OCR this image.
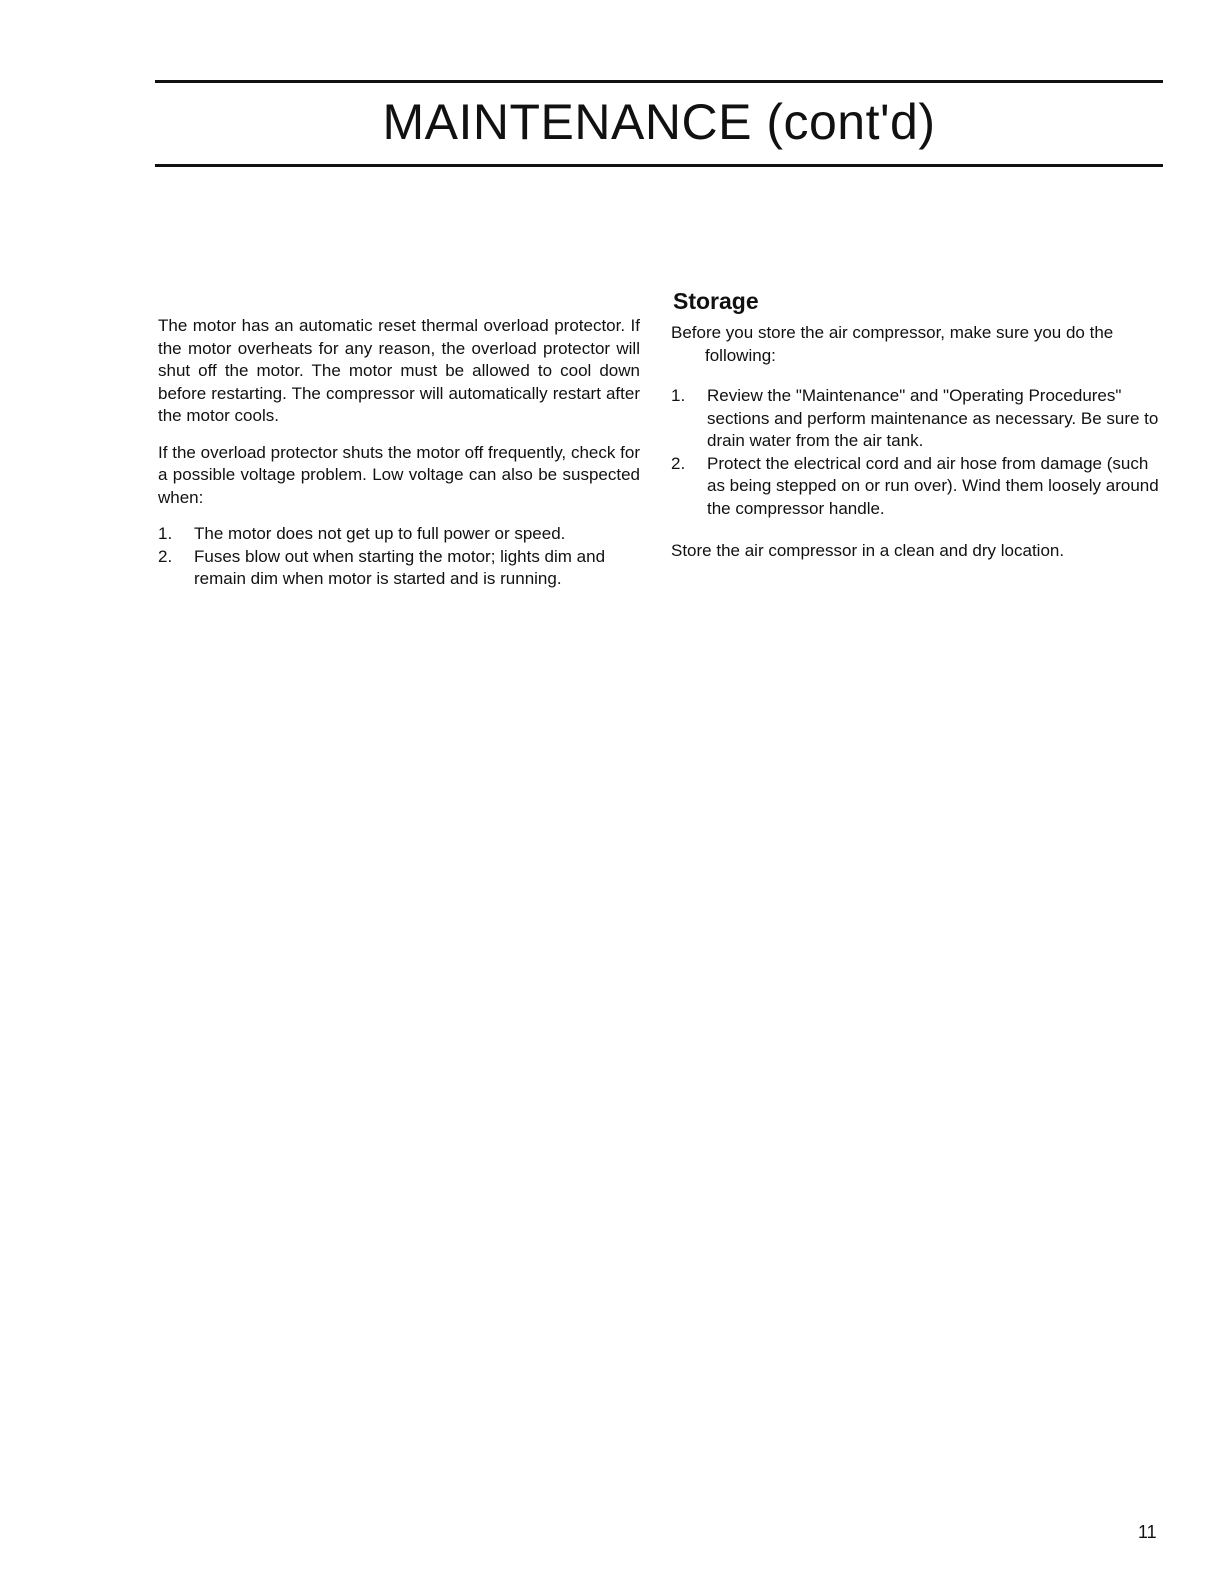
MAINTENANCE (cont'd)

The motor has an automatic reset thermal overload protector. If the motor overheats for any reason, the overload protector will shut off the motor. The motor must be allowed to cool down before restarting. The compressor will automatically restart after the motor cools.

If the overload protector shuts the motor off frequently, check for a possible voltage problem. Low voltage can also be suspected when:

1.	The motor does not get up to full power or speed.
2.	Fuses blow out when starting the motor; lights dim and remain dim when motor is started and is running.
Storage

Before you store the air compressor, make sure you do the following:

1.	Review the "Maintenance" and "Operating Procedures" sections and perform maintenance as necessary. Be sure to drain water from the air tank.
2.	Protect the electrical cord and air hose from damage (such as being stepped on or run over). Wind them loosely around the compressor handle.

Store the air compressor in a clean and dry location.

11
